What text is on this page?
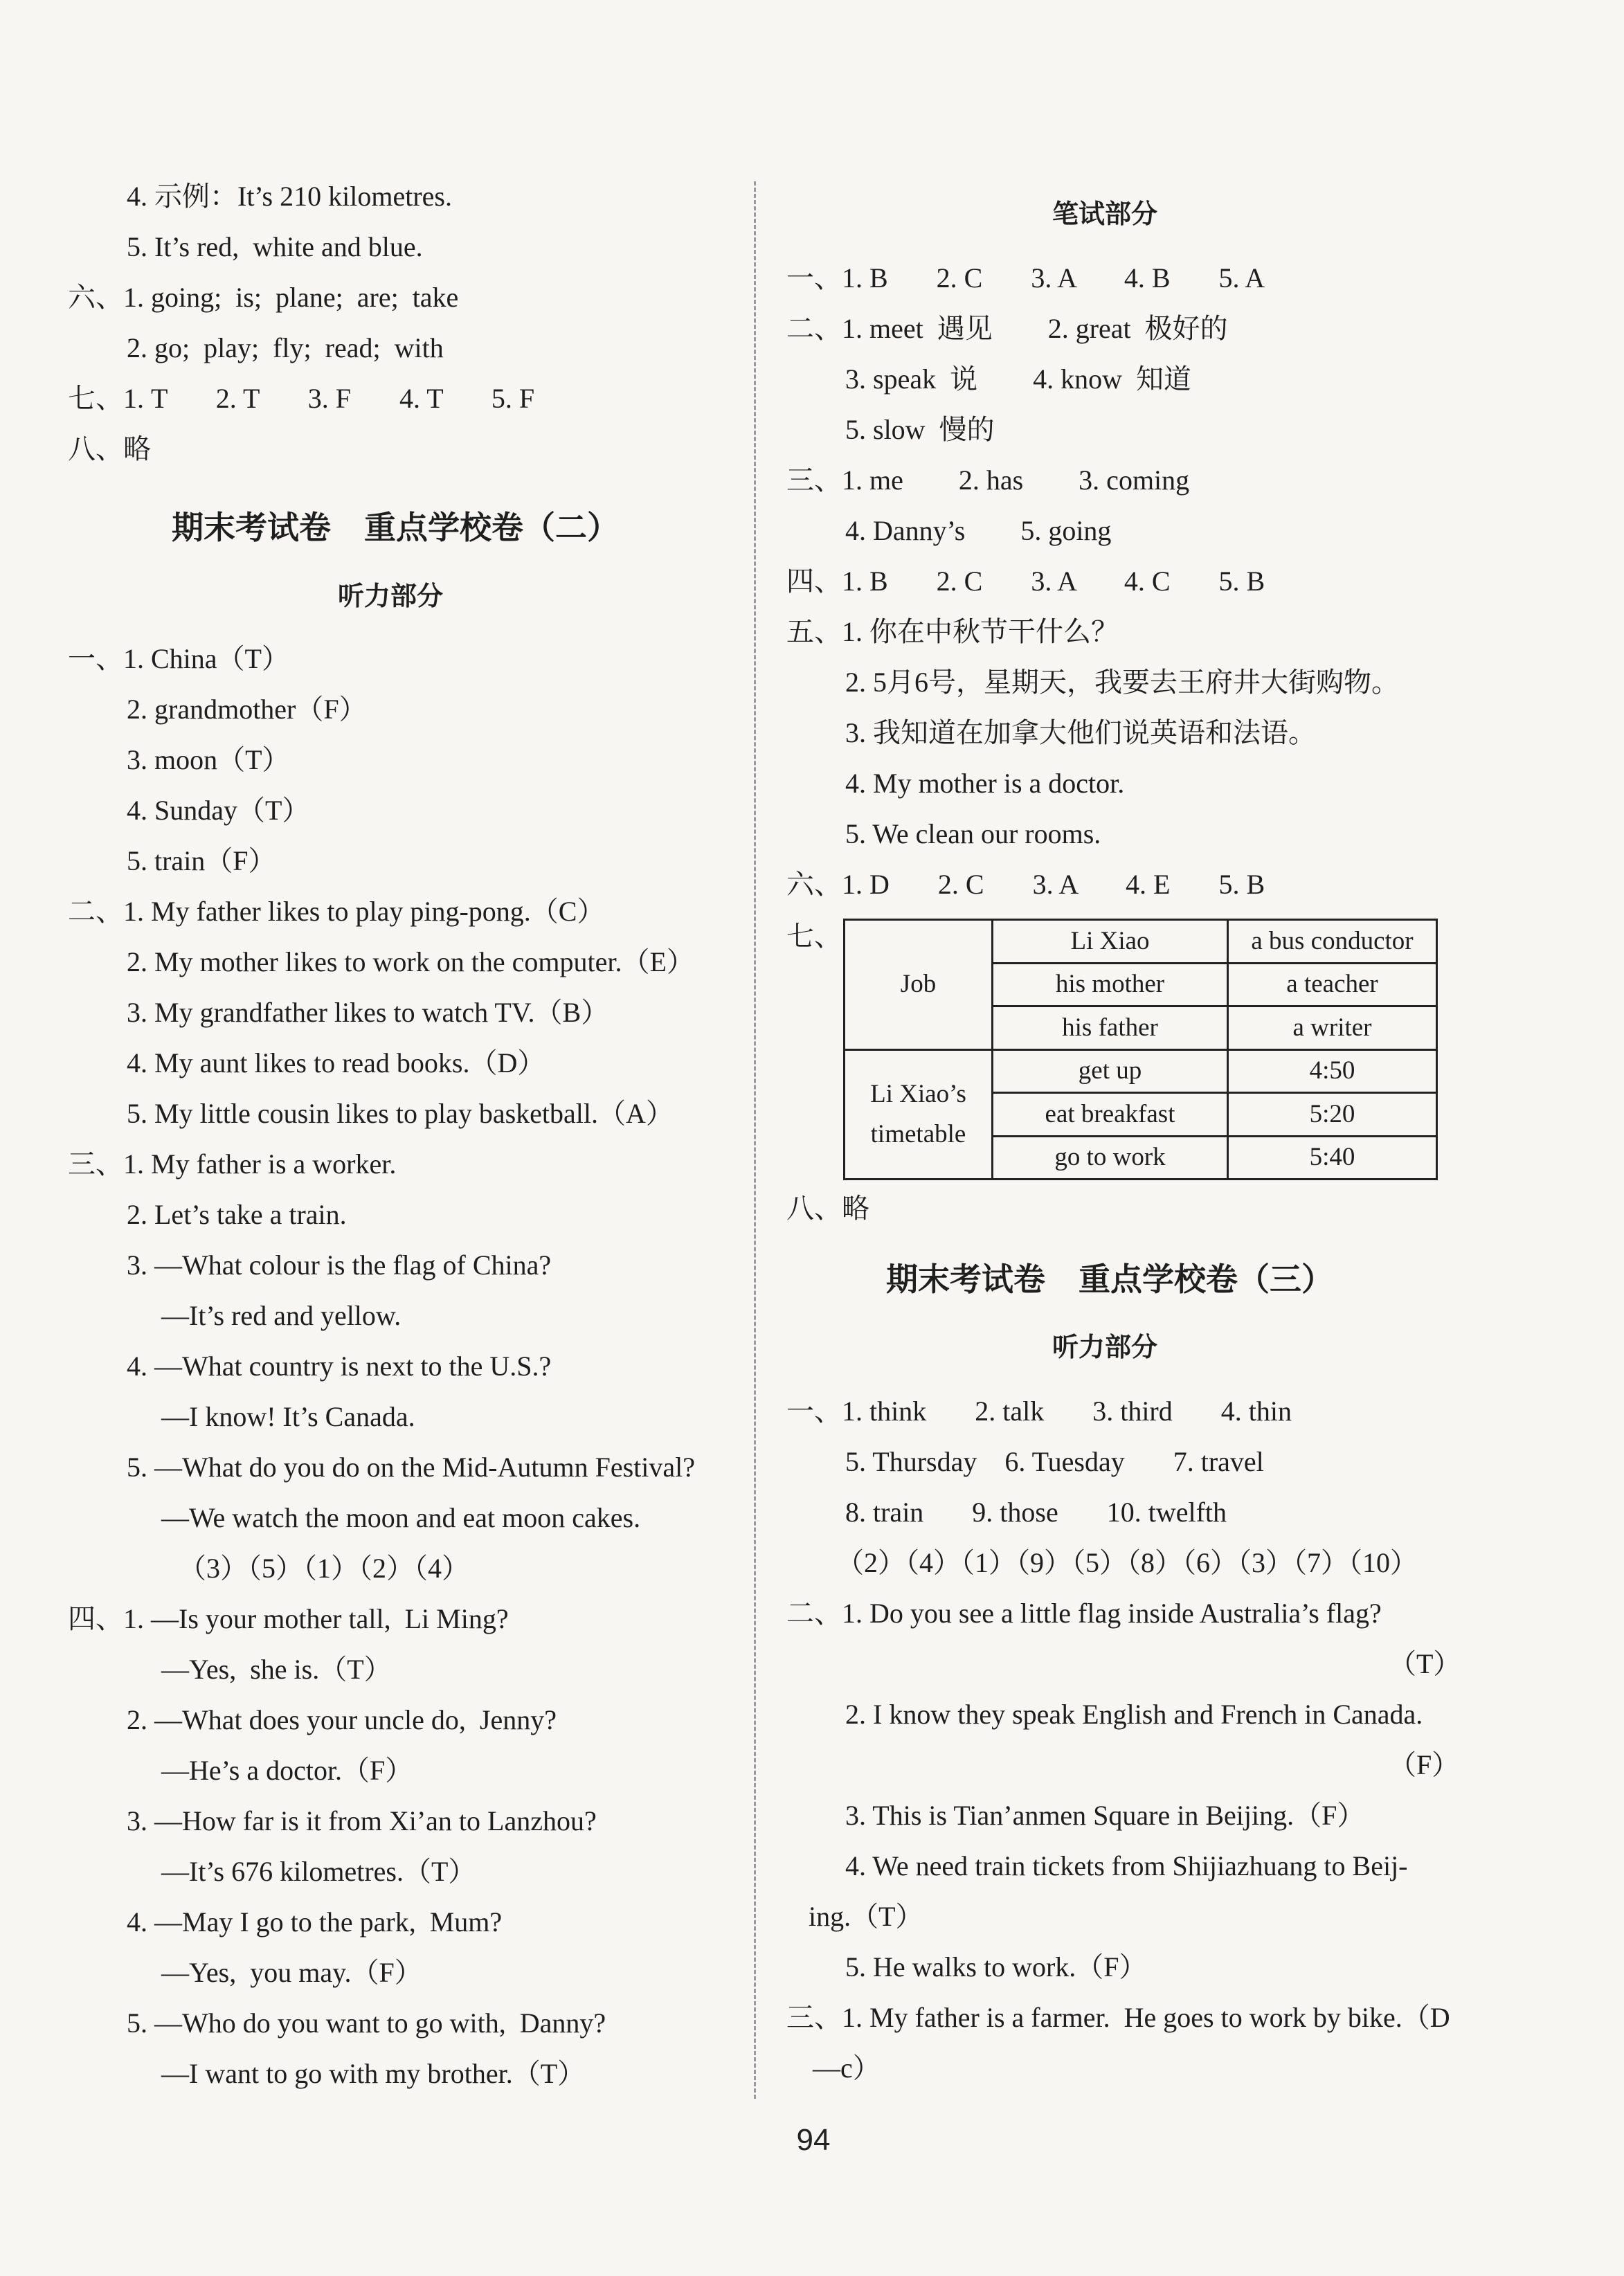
4. 示例：It’s 210 kilometres.
5. It’s red,  white and blue.
六、1. going;  is;  plane;  are;  take
2. go;  play;  fly;  read;  with
七、1. T       2. T       3. F       4. T       5. F
八、略
期末考试卷   重点学校卷（二）
听力部分
一、1. China（T）
2. grandmother（F）
3. moon（T）
4. Sunday（T）
5. train（F）
二、1. My father likes to play ping-pong.（C）
2. My mother likes to work on the computer.（E）
3. My grandfather likes to watch TV.（B）
4. My aunt likes to read books.（D）
5. My little cousin likes to play basketball.（A）
三、1. My father is a worker.
2. Let’s take a train.
3. —What colour is the flag of China?
—It’s red and yellow.
4. —What country is next to the U.S.?
—I know! It’s Canada.
5. —What do you do on the Mid-Autumn Festival?
—We watch the moon and eat moon cakes.
（3）（5）（1）（2）（4）
四、1. —Is your mother tall,  Li Ming?
—Yes,  she is.（T）
2. —What does your uncle do,  Jenny?
—He’s a doctor.（F）
3. —How far is it from Xi’an to Lanzhou?
—It’s 676 kilometres.（T）
4. —May I go to the park,  Mum?
—Yes,  you may.（F）
5. —Who do you want to go with,  Danny?
—I want to go with my brother.（T）
笔试部分
一、1. B       2. C       3. A       4. B       5. A
二、1. meet  遇见        2. great  极好的
3. speak  说        4. know  知道
5. slow  慢的
三、1. me        2. has        3. coming
4. Danny’s        5. going
四、1. B       2. C       3. A       4. C       5. B
五、1. 你在中秋节干什么？
2. 5月6号，星期天，我要去王府井大街购物。
3. 我知道在加拿大他们说英语和法语。
4. My mother is a doctor.
5. We clean our rooms.
六、1. D       2. C       3. A       4. E       5. B
七、
Job	Li Xiao	a bus conductor
	his mother	a teacher
	his father	a writer

Li Xiao’s
timetable	get up	4:50
	eat breakfast	5:20
	go to work	5:40
八、略
期末考试卷   重点学校卷（三）
听力部分
一、1. think       2. talk       3. third       4. thin
5. Thursday    6. Tuesday       7. travel
8. train       9. those       10. twelfth
（2）（4）（1）（9）（5）（8）（6）（3）（7）（10）
二、1. Do you see a little flag inside Australia’s flag?
（T）
2. I know they speak English and French in Canada.
（F）
3. This is Tian’anmen Square in Beijing.（F）
4. We need train tickets from Shijiazhuang to Beij-
ing.（T）
5. He walks to work.（F）
三、1. My father is a farmer.  He goes to work by bike.（D
—c）
94
